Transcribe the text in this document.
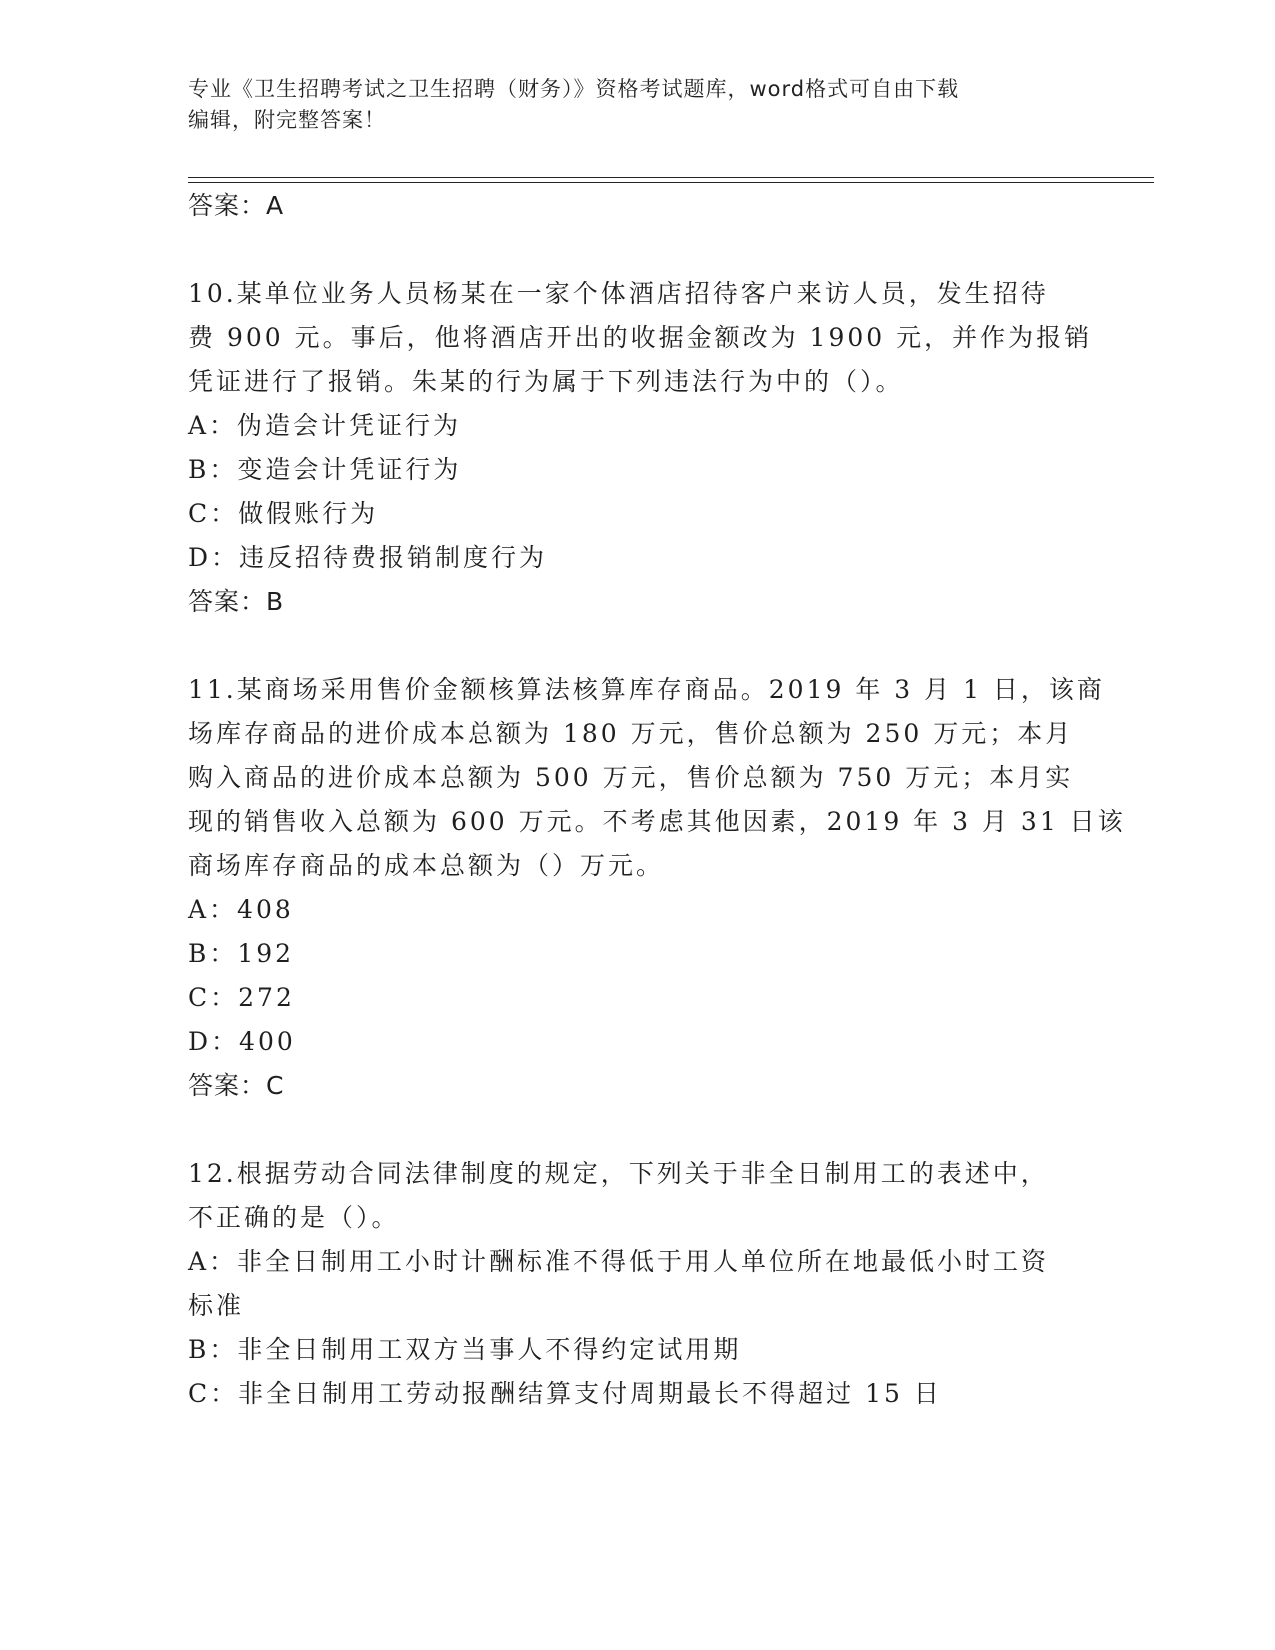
专业《卫生招聘考试之卫生招聘（财务）》资格考试题库，word格式可自由下载
编辑，附完整答案！
答案：A
10.某单位业务人员杨某在一家个体酒店招待客户来访人员，发生招待
费 900 元。事后，他将酒店开出的收据金额改为 1900 元，并作为报销
凭证进行了报销。朱某的行为属于下列违法行为中的（）。
A：伪造会计凭证行为
B：变造会计凭证行为
C：做假账行为
D：违反招待费报销制度行为
答案：B
11.某商场采用售价金额核算法核算库存商品。2019 年 3 月 1 日，该商
场库存商品的进价成本总额为 180 万元，售价总额为 250 万元；本月
购入商品的进价成本总额为 500 万元，售价总额为 750 万元；本月实
现的销售收入总额为 600 万元。不考虑其他因素，2019 年 3 月 31 日该
商场库存商品的成本总额为（）万元。
A：408
B：192
C：272
D：400
答案：C
12.根据劳动合同法律制度的规定，下列关于非全日制用工的表述中，
不正确的是（）。
A：非全日制用工小时计酬标准不得低于用人单位所在地最低小时工资
标准
B：非全日制用工双方当事人不得约定试用期
C：非全日制用工劳动报酬结算支付周期最长不得超过 15 日
